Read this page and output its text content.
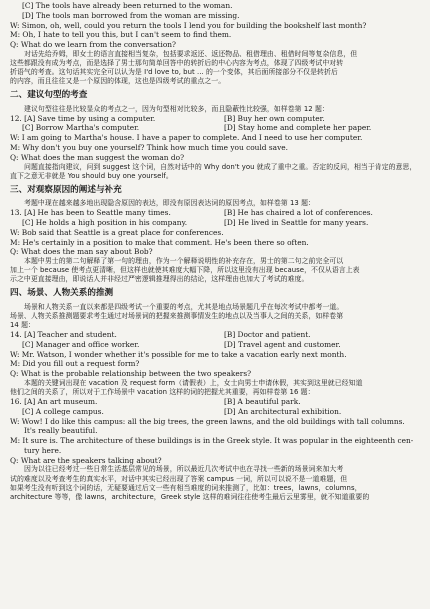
[C] The tools have already been returned to the woman.

[D] The tools man borrowed from the woman are missing.

W: Simon, oh, well, could you return the tools I lend you for building the bookshelf last month?

M: Oh, I hate to tell you this, but I can't seem to find them.

Q: What do we learn from the conversation?

对话先给乔姆，即女士的语言直接相当复杂，包括要求返还、返还物品、租借理由、租借时间等复杂信息，但

这些都跟没有成为考点，而是选择了男士那句简单回答中的转折后的中心内容为考点，体现了四级考试中对转

折语气的考查。这句话其实完全可以认为是 I'd love to, but ... 的一个变体，其后面所接部分不仅是转折后

的内容，而且往往又是一个原因的体现，这也是四级考试的重点之一。

二、建议句型的考查

建议句型往往是比较显众的考点之一，因为句型相对比较多，而且隐蔽性比较强，如样卷第 12 题：

12. [A] Save time by using a computer.	[B] Buy her own computer.
[C] Borrow Martha's computer.	[D] Stay home and complete her paper.

W: I am going to Martha's house. I have a paper to complete. And I need to use her computer.

M: Why don't you buy one yourself? Think how much time you could save.

Q: What does the man suggest the woman do?

问题直接指向建议，问到 suggest 这个词，自然对话中的 Why don't you 就成了重中之重。否定的反问，相当于肯定的意思，直下之意无非就是 You should buy one yourself。

三、对观察原因的阐述与补充

考题中现在越来越多地出现隐含原因的表达，即没有原因表达词的原因考点，如样卷第 13 题：

13. [A] He has been to Seattle many times.	[B] He has chaired a lot of conferences.
[C] He holds a high position in his company.	[D] He lived in Seattle for many years.

W: Bob said that Seattle is a great place for conferences.

M: He's certainly in a position to make that comment. He's been there so often.

Q: What does the man say about Bob?

本题中男士的第二句解释了第一句的理由，作为一个解释说明性的补充存在，男士的第二句之前完全可以

加上一个 because 使考点更清晰，但这样也就使其难度大幅下降，所以这里没有出现 because，不仅从语言上表

示之中更直接理由，即说话人并非经过严密逻辑推理得出的结论，这样理由也加大了考试的难度。

四、场景、人物关系的推测

场景和人物关系一直以来都是四级考试一个重要的考点，尤其是地点场景题几乎在每次考试中都考一道。

场景、人物关系推测题要求考生通过对场景词的把握来推测事情发生的地点以及当事人之间的关系，如样卷第

14 题：

14. [A] Teacher and student.	[B] Doctor and patient.
[C] Manager and office worker.	[D] Travel agent and customer.

W: Mr. Watson, I wonder whether it's possible for me to take a vacation early next month.

M: Did you fill out a request form?

Q: What is the probable relationship between the two speakers?

本题的关键词出现在 vacation 及 request form（请假表）上，女士向男士申请休假，其实到这里就已经知道

他们之间的关系了，所以对于工作场景中 vacation 这样的词的把握尤其重要，再如样卷第 16 题：

16. [A] An art museum.	[B] A beautiful park.
[C] A college campus.	[D] An architectural exhibition.

W: Wow! I do like this campus: all the big trees, the green lawns, and the old buildings with tall columns.

It's really beautiful.

M: It sure is. The architecture of these buildings is in the Greek style. It was popular in the eighteenth cen-

tury here.

Q: What are the speakers talking about?

因为以往已经考过一些日常生活基层常见的场景，所以最近几次考试中也在寻找一些新的场景词来加大考

试的难度以及考查考生的真实水平，对话中其实已经出现了答案 campus 一词，所以可以说不是一道难题，但

如果考生没有听到这个词的话，无疑要通过后文一些有相当难度的词来推测了，比如：trees，lawns，columns，

architecture 等等，像 lawns，architecture，Greek style 这样的难词往往使考生最后云里雾里，就不知道重要的
